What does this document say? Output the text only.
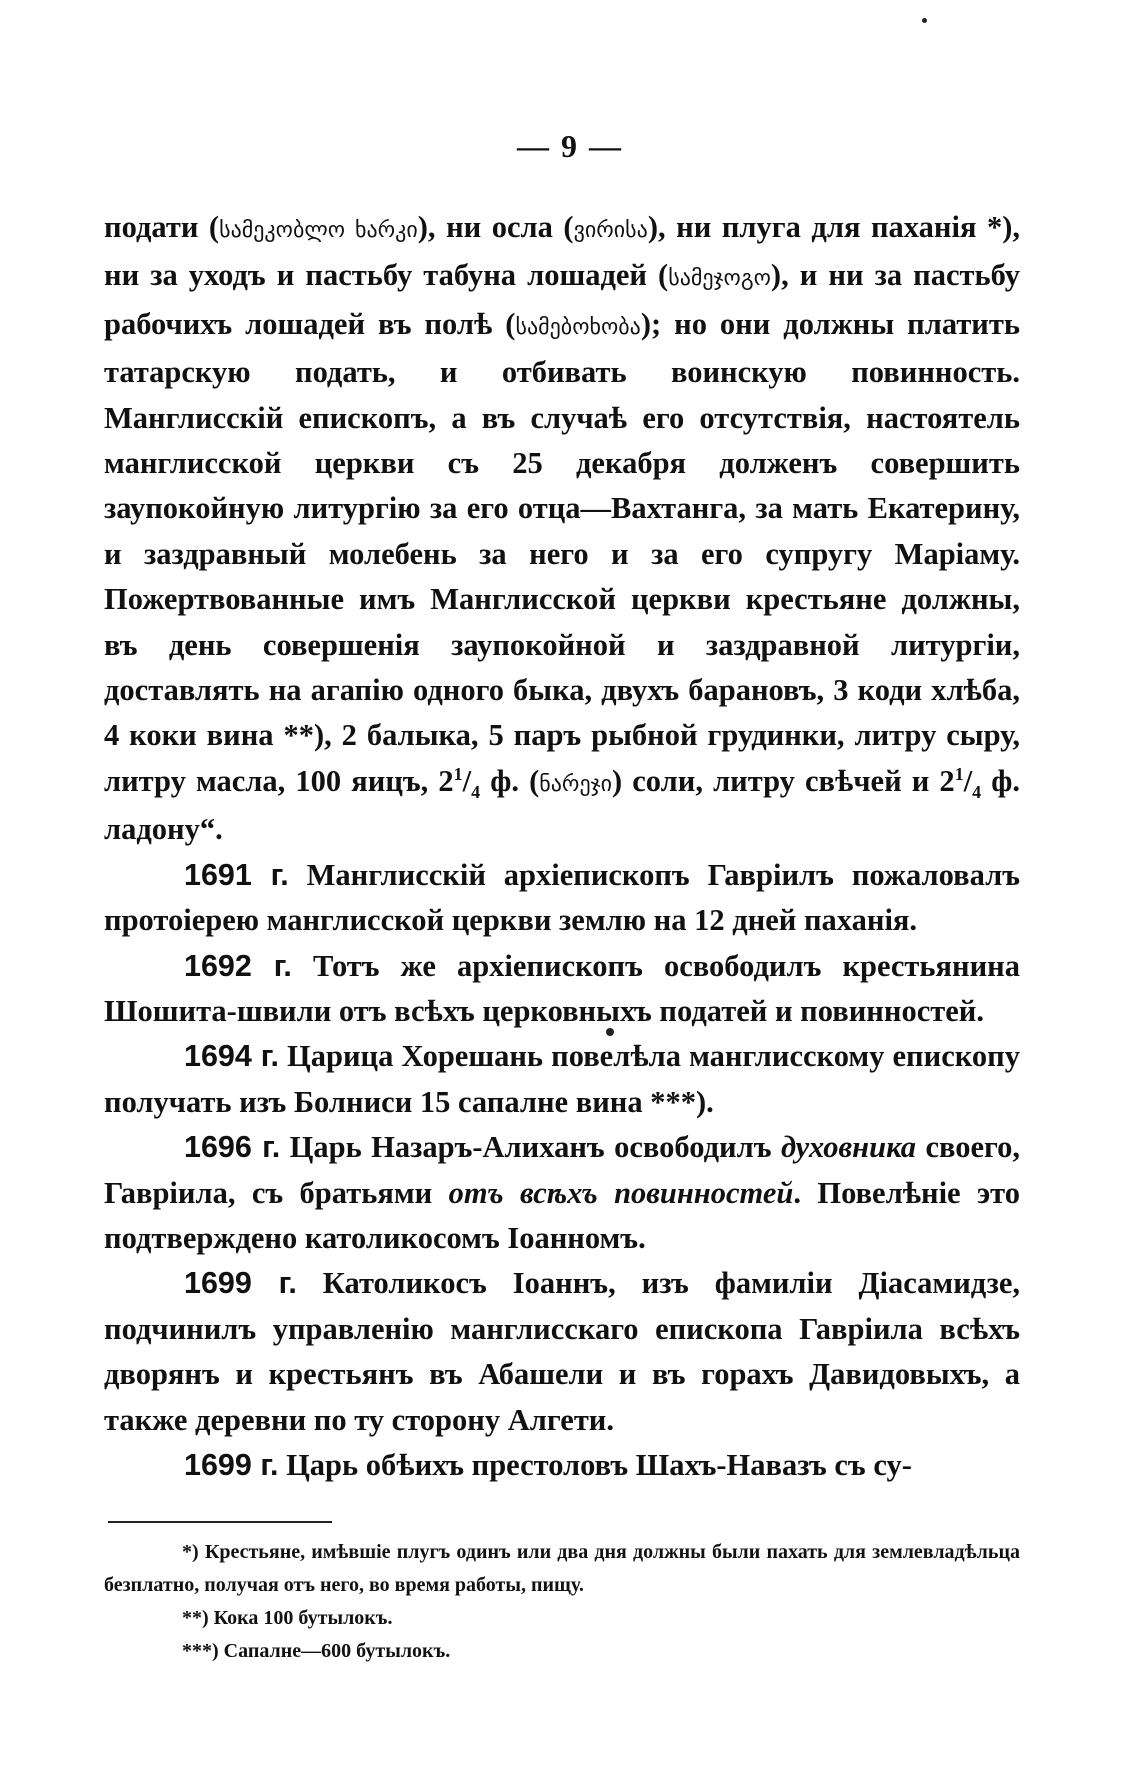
— 9 —

подати (სამეკობლო ხარკი), ни осла (ვირისა), ни плуга для паханія *), ни за уходъ и пастьбу табуна лошадей (სამეჯოგო), и ни за пастьбу рабочихъ лошадей въ полѣ (სამებოხობა); но они должны платить татарскую подать, и отбивать воинскую повинность. Манглисскій епископъ, а въ случаѣ его отсутствія, настоятель манглисской церкви съ 25 декабря долженъ совершить заупокойную литургію за его отца—Вахтанга, за мать Екатерину, и заздравный молебень за него и за его супругу Маріаму. Пожертвованные имъ Манглисской церкви крестьяне должны, въ день совершенія заупокойной и заздравной литургіи, доставлять на агапію одного быка, двухъ барановъ, 3 коди хлѣба, 4 коки вина **), 2 балыка, 5 паръ рыбной грудинки, литру сыру, литру масла, 100 яицъ, $2^1/_4$ ф. (ნარეჯი) соли, литру свѣчей и $2^1/_4$ ф. ладону“.

1691 г. Манглисскій архіепископъ Гавріилъ пожаловалъ протоіерею манглисской церкви землю на 12 дней паханія.

1692 г. Тотъ же архіепископъ освободилъ крестьянина Шошита-швили отъ всѣхъ церковныхъ податей и повинностей.

1694 г. Царица Хорешань повелѣла манглисскому епископу получать изъ Болниси 15 сапалне вина ***).

1696 г. Царь Назаръ-Алиханъ освободилъ духовника своего, Гавріила, съ братьями отъ всѣхъ повинностей. Повелѣніе это подтверждено католикосомъ Іоанномъ.

1699 г. Католикосъ Іоаннъ, изъ фамиліи Діасамидзе, подчинилъ управленію манглисскаго епископа Гавріила всѣхъ дворянъ и крестьянъ въ Абашели и въ горахъ Давидовыхъ, а также деревни по ту сторону Алгети.

1699 г. Царь обѣихъ престоловъ Шахъ-Навазъ съ су-

*) Крестьяне, имѣвшіе плугъ одинъ или два дня должны были пахать для землевладѣльца безплатно, получая отъ него, во время работы, пищу.

**) Кока 100 бутылокъ.

***) Сапалне—600 бутылокъ.
